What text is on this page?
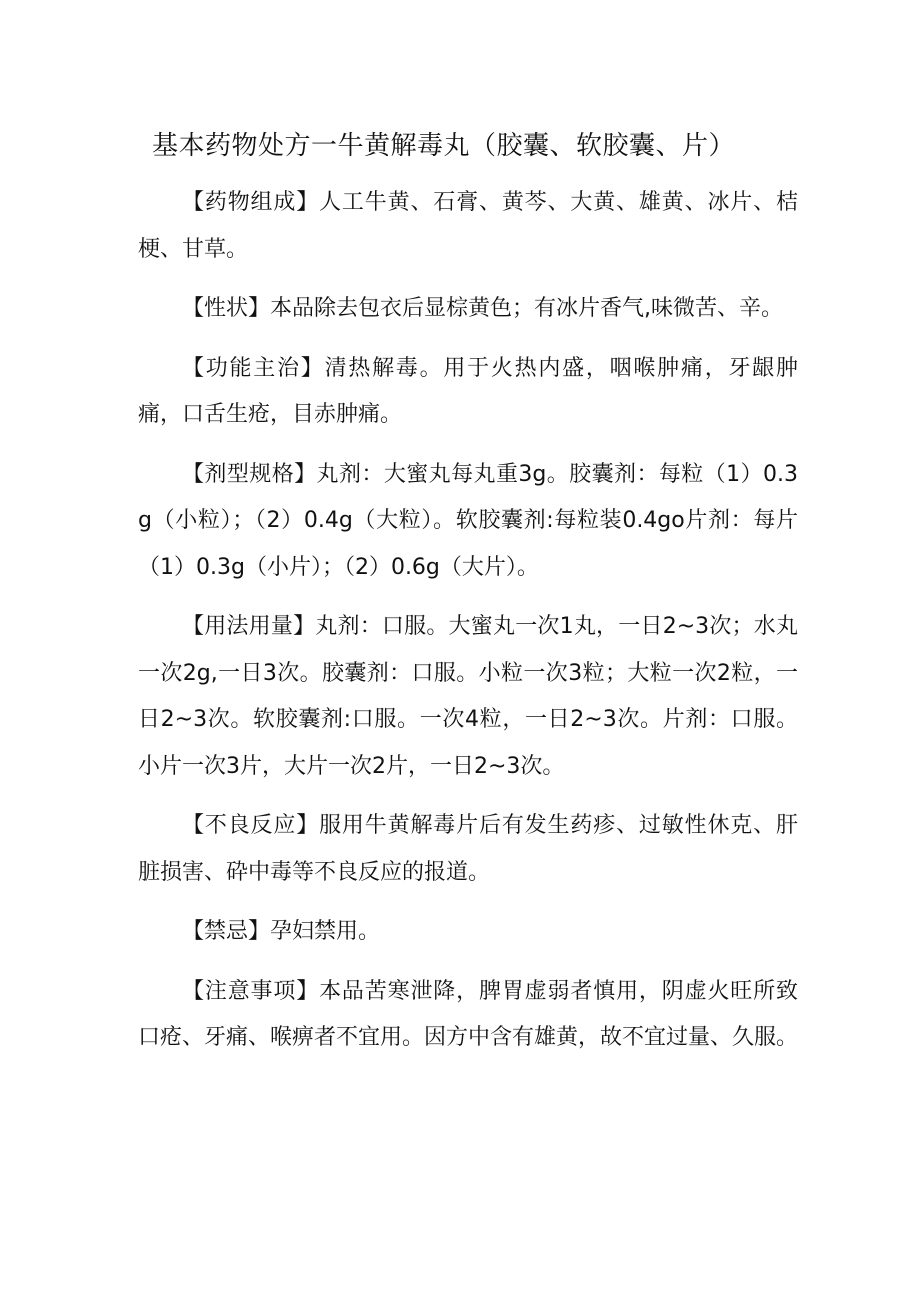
基本药物处方一牛黄解毒丸（胶囊、软胶囊、片）

【药物组成】人工牛黄、石膏、黄芩、大黄、雄黄、冰片、桔梗、甘草。

【性状】本品除去包衣后显棕黄色；有冰片香气,味微苦、辛。

【功能主治】清热解毒。用于火热内盛，咽喉肿痛，牙龈肿痛，口舌生疮，目赤肿痛。

【剂型规格】丸剂：大蜜丸每丸重3g。胶囊剂：每粒（1）0.3g（小粒）；（2）0.4g（大粒）。软胶囊剂:每粒装0.4go片剂：每片（1）0.3g（小片）；（2）0.6g（大片）。

【用法用量】丸剂：口服。大蜜丸一次1丸，一日2~3次；水丸一次2g,一日3次。胶囊剂：口服。小粒一次3粒；大粒一次2粒，一日2~3次。软胶囊剂:口服。一次4粒，一日2~3次。片剂：口服。小片一次3片，大片一次2片，一日2~3次。

【不良反应】服用牛黄解毒片后有发生药疹、过敏性休克、肝脏损害、砕中毒等不良反应的报道。

【禁忌】孕妇禁用。

【注意事项】本品苦寒泄降，脾胃虚弱者慎用，阴虚火旺所致口疮、牙痛、喉痹者不宜用。因方中含有雄黄，故不宜过量、久服。
